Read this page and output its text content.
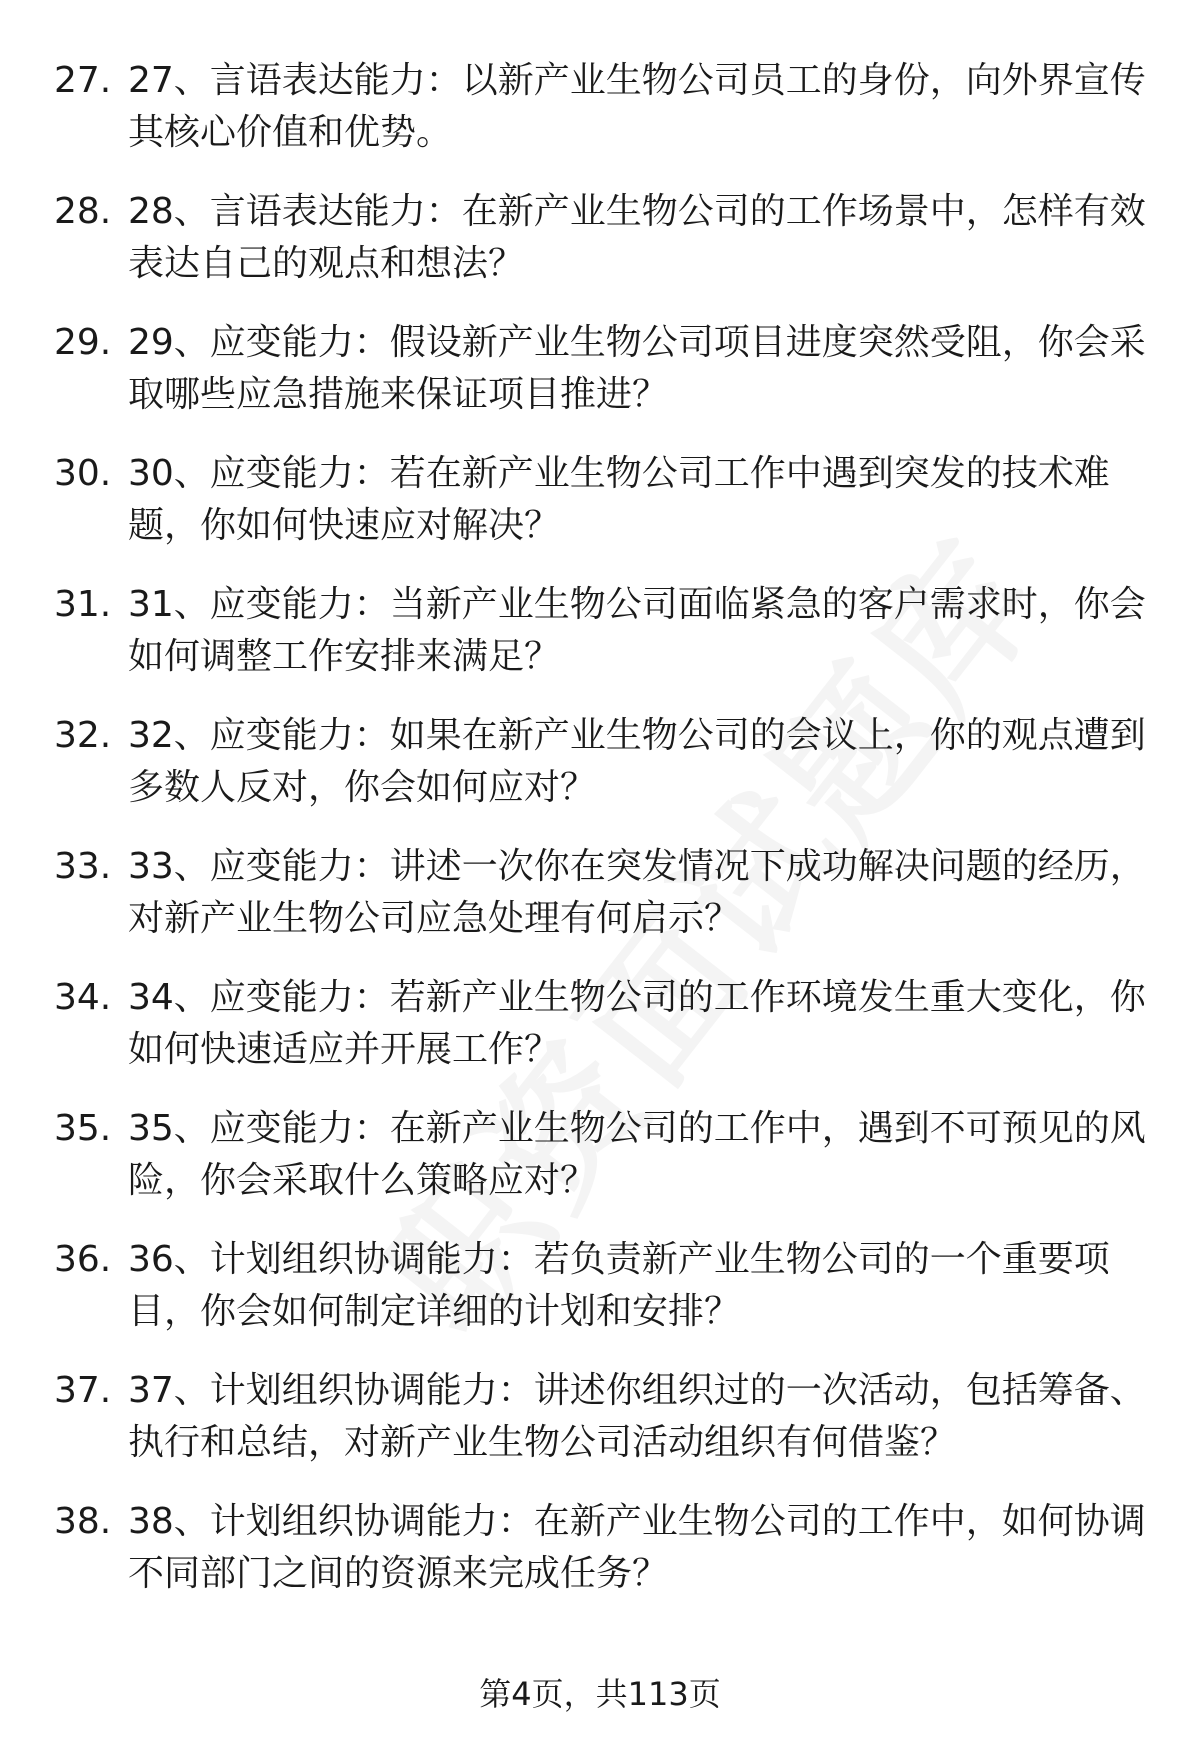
27. 27、言语表达能力：以新产业生物公司员工的身份，向外界宣传其核心价值和优势。
28. 28、言语表达能力：在新产业生物公司的工作场景中，怎样有效表达自己的观点和想法？
29. 29、应变能力：假设新产业生物公司项目进度突然受阻，你会采取哪些应急措施来保证项目推进？
30. 30、应变能力：若在新产业生物公司工作中遇到突发的技术难题，你如何快速应对解决？
31. 31、应变能力：当新产业生物公司面临紧急的客户需求时，你会如何调整工作安排来满足？
32. 32、应变能力：如果在新产业生物公司的会议上，你的观点遭到多数人反对，你会如何应对？
33. 33、应变能力：讲述一次你在突发情况下成功解决问题的经历，对新产业生物公司应急处理有何启示？
34. 34、应变能力：若新产业生物公司的工作环境发生重大变化，你如何快速适应并开展工作？
35. 35、应变能力：在新产业生物公司的工作中，遇到不可预见的风险，你会采取什么策略应对？
36. 36、计划组织协调能力：若负责新产业生物公司的一个重要项目，你会如何制定详细的计划和安排？
37. 37、计划组织协调能力：讲述你组织过的一次活动，包括筹备、执行和总结，对新产业生物公司活动组织有何借鉴？
38. 38、计划组织协调能力：在新产业生物公司的工作中，如何协调不同部门之间的资源来完成任务？
第4页，共113页
